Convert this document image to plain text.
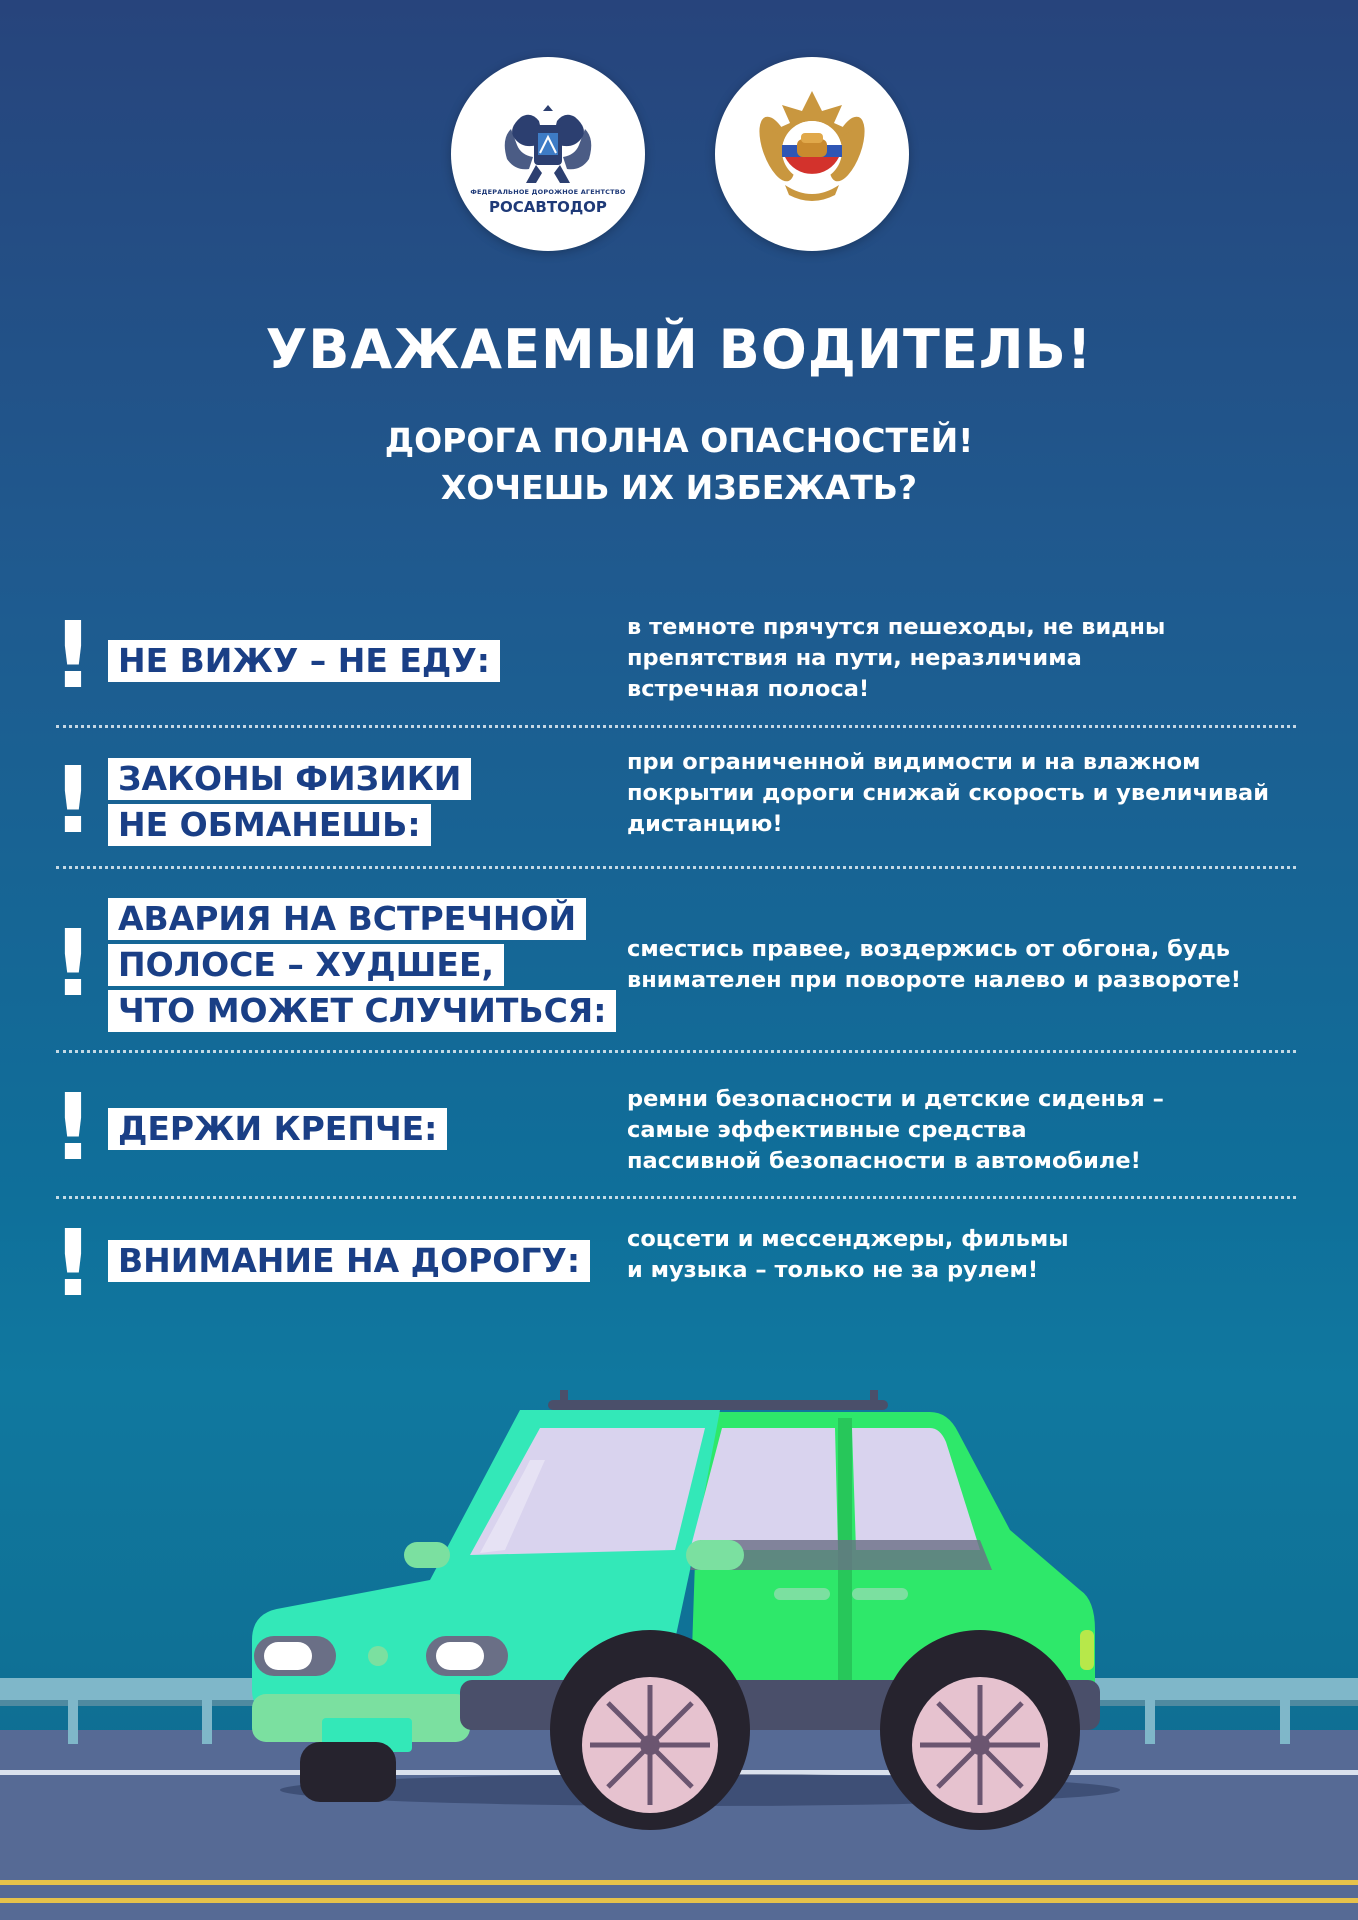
ФЕДЕРАЛЬНОЕ ДОРОЖНОЕ АГЕНТСТВО
РОСАВТОДОР
УВАЖАЕМЫЙ ВОДИТЕЛЬ!
ДОРОГА ПОЛНА ОПАСНОСТЕЙ!
ХОЧЕШЬ ИХ ИЗБЕЖАТЬ?
! НЕ ВИЖУ – НЕ ЕДУ:
в темноте прячутся пешеходы, не видны
препятствия на пути, неразличима
встречная полоса!
! ЗАКОНЫ ФИЗИКИ
НЕ ОБМАНЕШЬ:
при ограниченной видимости и на влажном
покрытии дороги снижай скорость и увеличивай
дистанцию!
! АВАРИЯ НА ВСТРЕЧНОЙ
ПОЛОСЕ – ХУДШЕЕ,
ЧТО МОЖЕТ СЛУЧИТЬСЯ:
сместись правее, воздержись от обгона, будь
внимателен при повороте налево и развороте!
! ДЕРЖИ КРЕПЧЕ:
ремни безопасности и детские сиденья –
самые эффективные средства
пассивной безопасности в автомобиле!
! ВНИМАНИЕ НА ДОРОГУ:
соцсети и мессенджеры, фильмы
и музыка – только не за рулем!
